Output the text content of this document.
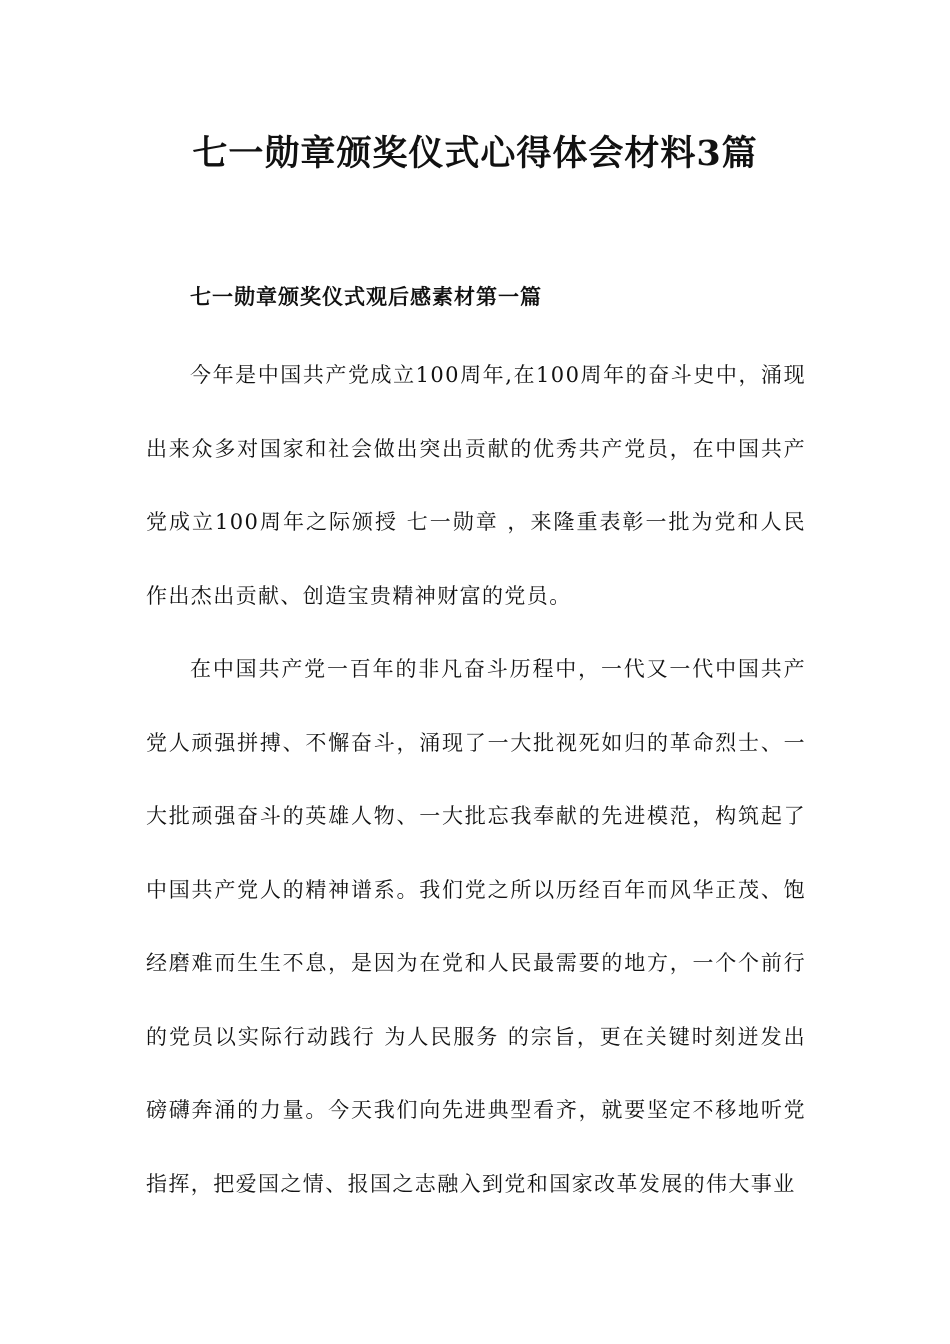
七一勋章颁奖仪式心得体会材料3篇
七一勋章颁奖仪式观后感素材第一篇

今年是中国共产党成立100周年,在100周年的奋斗史中，涌现出来众多对国家和社会做出突出贡献的优秀共产党员，在中国共产党成立100周年之际颁授 七一勋章 ，来隆重表彰一批为党和人民作出杰出贡献、创造宝贵精神财富的党员。

在中国共产党一百年的非凡奋斗历程中，一代又一代中国共产党人顽强拼搏、不懈奋斗，涌现了一大批视死如归的革命烈士、一大批顽强奋斗的英雄人物、一大批忘我奉献的先进模范，构筑起了中国共产党人的精神谱系。我们党之所以历经百年而风华正茂、饱经磨难而生生不息，是因为在党和人民最需要的地方，一个个前行的党员以实际行动践行 为人民服务 的宗旨，更在关键时刻迸发出磅礴奔涌的力量。今天我们向先进典型看齐，就要坚定不移地听党指挥，把爱国之情、报国之志融入到党和国家改革发展的伟大事业
